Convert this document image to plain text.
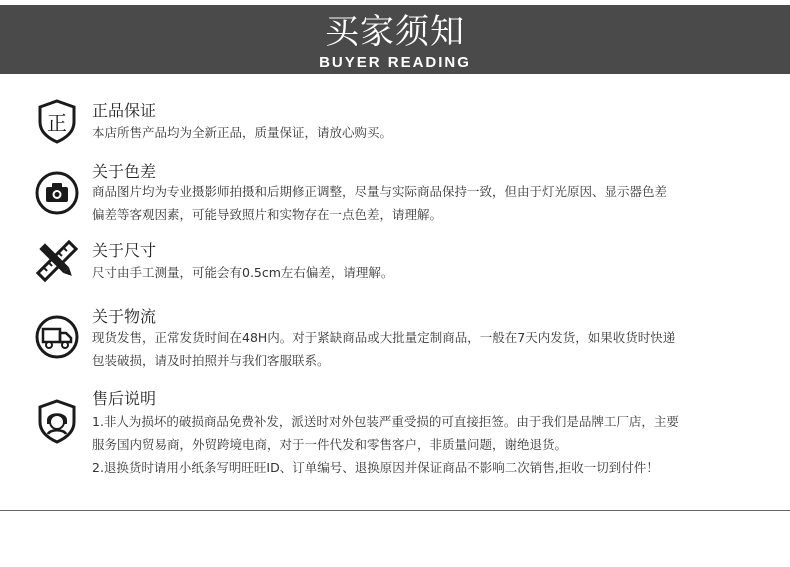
买家须知
BUYER READING
正
正品保证
本店所售产品均为全新正品，质量保证，请放心购买。
关于色差
商品图片均为专业摄影师拍摄和后期修正调整，尽量与实际商品保持一致，但由于灯光原因、显示器色差
偏差等客观因素，可能导致照片和实物存在一点色差，请理解。
关于尺寸
尺寸由手工测量，可能会有0.5cm左右偏差，请理解。
关于物流
现货发售，正常发货时间在48H内。对于紧缺商品或大批量定制商品，一般在7天内发货，如果收货时快递
包装破损，请及时拍照并与我们客服联系。
售后说明
1.非人为损坏的破损商品免费补发，派送时对外包装严重受损的可直接拒签。由于我们是品牌工厂店，主要
服务国内贸易商，外贸跨境电商，对于一件代发和零售客户，非质量问题，谢绝退货。
2.退换货时请用小纸条写明旺旺ID、订单编号、退换原因并保证商品不影响二次销售,拒收一切到付件！
